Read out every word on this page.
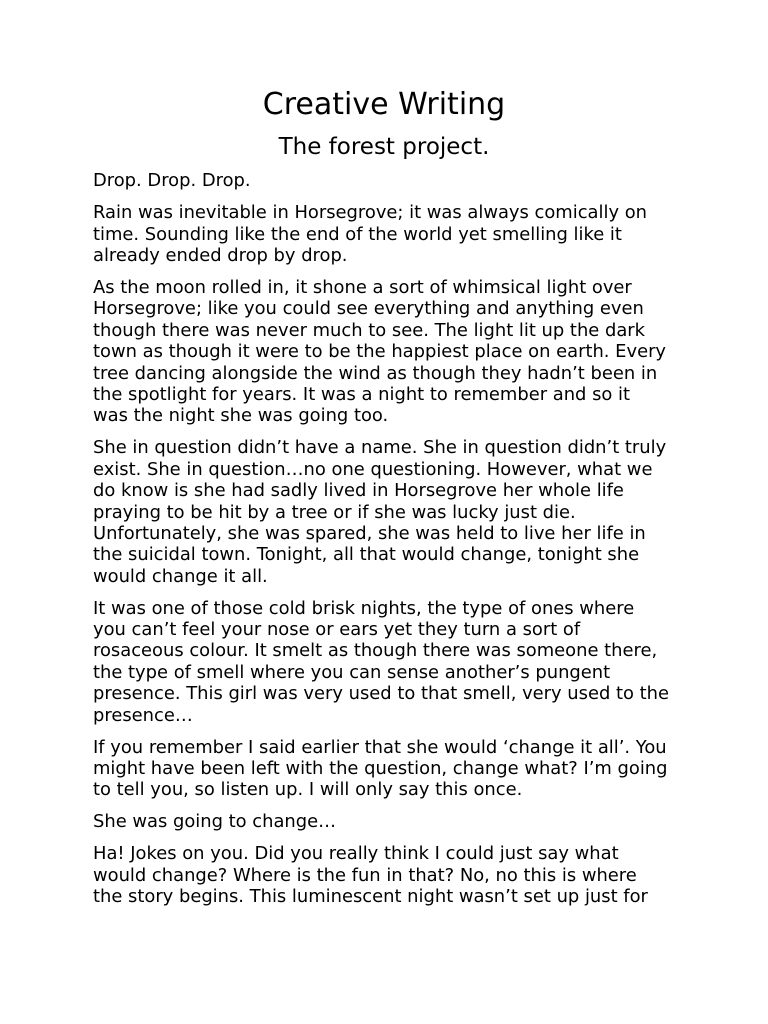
Creative Writing
The forest project.
Drop. Drop. Drop.
Rain was inevitable in Horsegrove; it was always comically on
time. Sounding like the end of the world yet smelling like it
already ended drop by drop.
As the moon rolled in, it shone a sort of whimsical light over
Horsegrove; like you could see everything and anything even
though there was never much to see. The light lit up the dark
town as though it were to be the happiest place on earth. Every
tree dancing alongside the wind as though they hadn’t been in
the spotlight for years. It was a night to remember and so it
was the night she was going too.
She in question didn’t have a name. She in question didn’t truly
exist. She in question…no one questioning. However, what we
do know is she had sadly lived in Horsegrove her whole life
praying to be hit by a tree or if she was lucky just die.
Unfortunately, she was spared, she was held to live her life in
the suicidal town. Tonight, all that would change, tonight she
would change it all.
It was one of those cold brisk nights, the type of ones where
you can’t feel your nose or ears yet they turn a sort of
rosaceous colour. It smelt as though there was someone there,
the type of smell where you can sense another’s pungent
presence. This girl was very used to that smell, very used to the
presence…
If you remember I said earlier that she would ‘change it all’. You
might have been left with the question, change what? I’m going
to tell you, so listen up. I will only say this once.
She was going to change…
Ha! Jokes on you. Did you really think I could just say what
would change? Where is the fun in that? No, no this is where
the story begins. This luminescent night wasn’t set up just for
